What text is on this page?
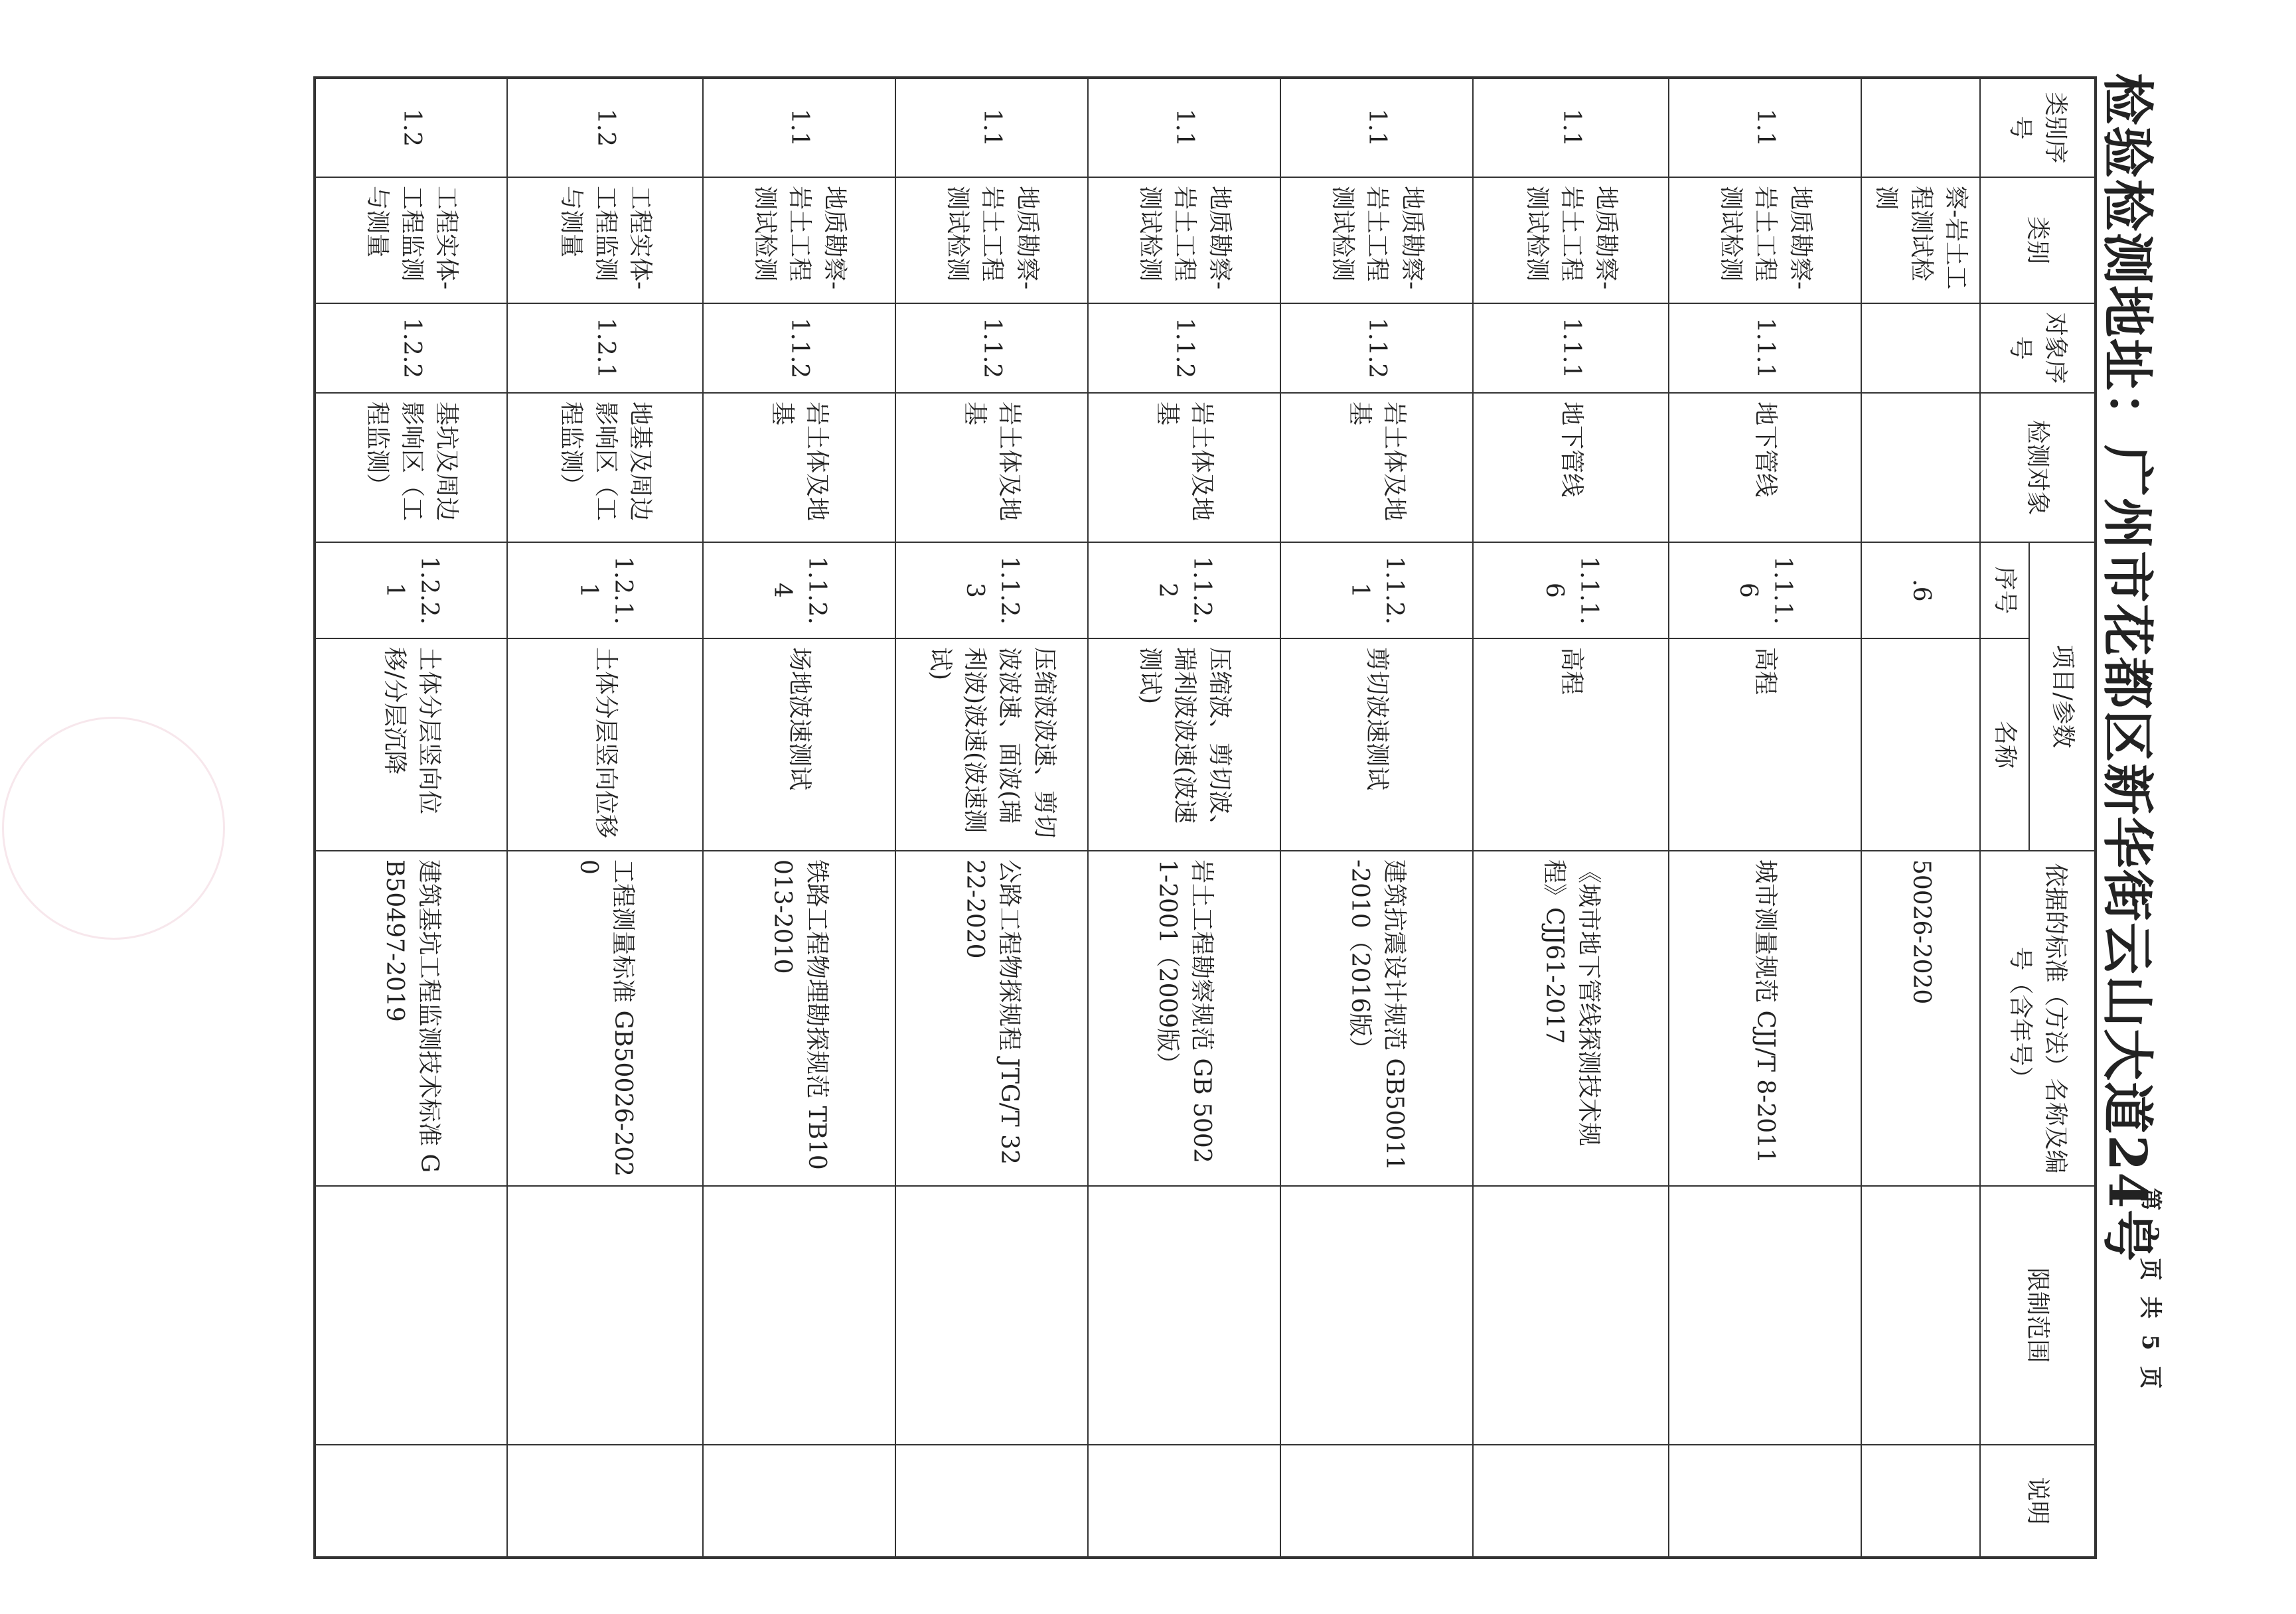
检验检测地址：广州市花都区新华街云山大道24号
第 2 页 共 5 页
类别序号	类别	对象序号	检测对象	项目/参数		依据的标准（方法）名称及编号（含年号）	限制范围	说明
				序号	名称			
	察-岩土工程测试检测			.6		50026-2020		
1.1	地质勘察-岩土工程测试检测	1.1.1	地下管线	1.1.1.6	高程	城市测量规范 CJJ/T 8-2011		
1.1	地质勘察-岩土工程测试检测	1.1.1	地下管线	1.1.1.6	高程	《城市地下管线探测技术规程》CJJ61-2017		
1.1	地质勘察-岩土工程测试检测	1.1.2	岩土体及地基	1.1.2.1	剪切波速测试	建筑抗震设计规范 GB50011-2010（2016版）		
1.1	地质勘察-岩土工程测试检测	1.1.2	岩土体及地基	1.1.2.2	压缩波、剪切波、瑞利波波速(波速测试)	岩土工程勘察规范 GB 50021-2001（2009版）		
1.1	地质勘察-岩土工程测试检测	1.1.2	岩土体及地基	1.1.2.3	压缩波波速、剪切波波速、面波(瑞利波)波速(波速测试)	公路工程物探规程 JTG/T 3222-2020		
1.1	地质勘察-岩土工程测试检测	1.1.2	岩土体及地基	1.1.2.4	场地波速测试	铁路工程物理勘探规范 TB10013-2010		
1.2	工程实体-工程监测与测量	1.2.1	地基及周边影响区（工程监测）	1.2.1.1	土体分层竖向位移	工程测量标准 GB50026-2020		
1.2	工程实体-工程监测与测量	1.2.2	基坑及周边影响区（工程监测）	1.2.2.1	土体分层竖向位移/分层沉降	建筑基坑工程监测技术标准 GB50497-2019		
